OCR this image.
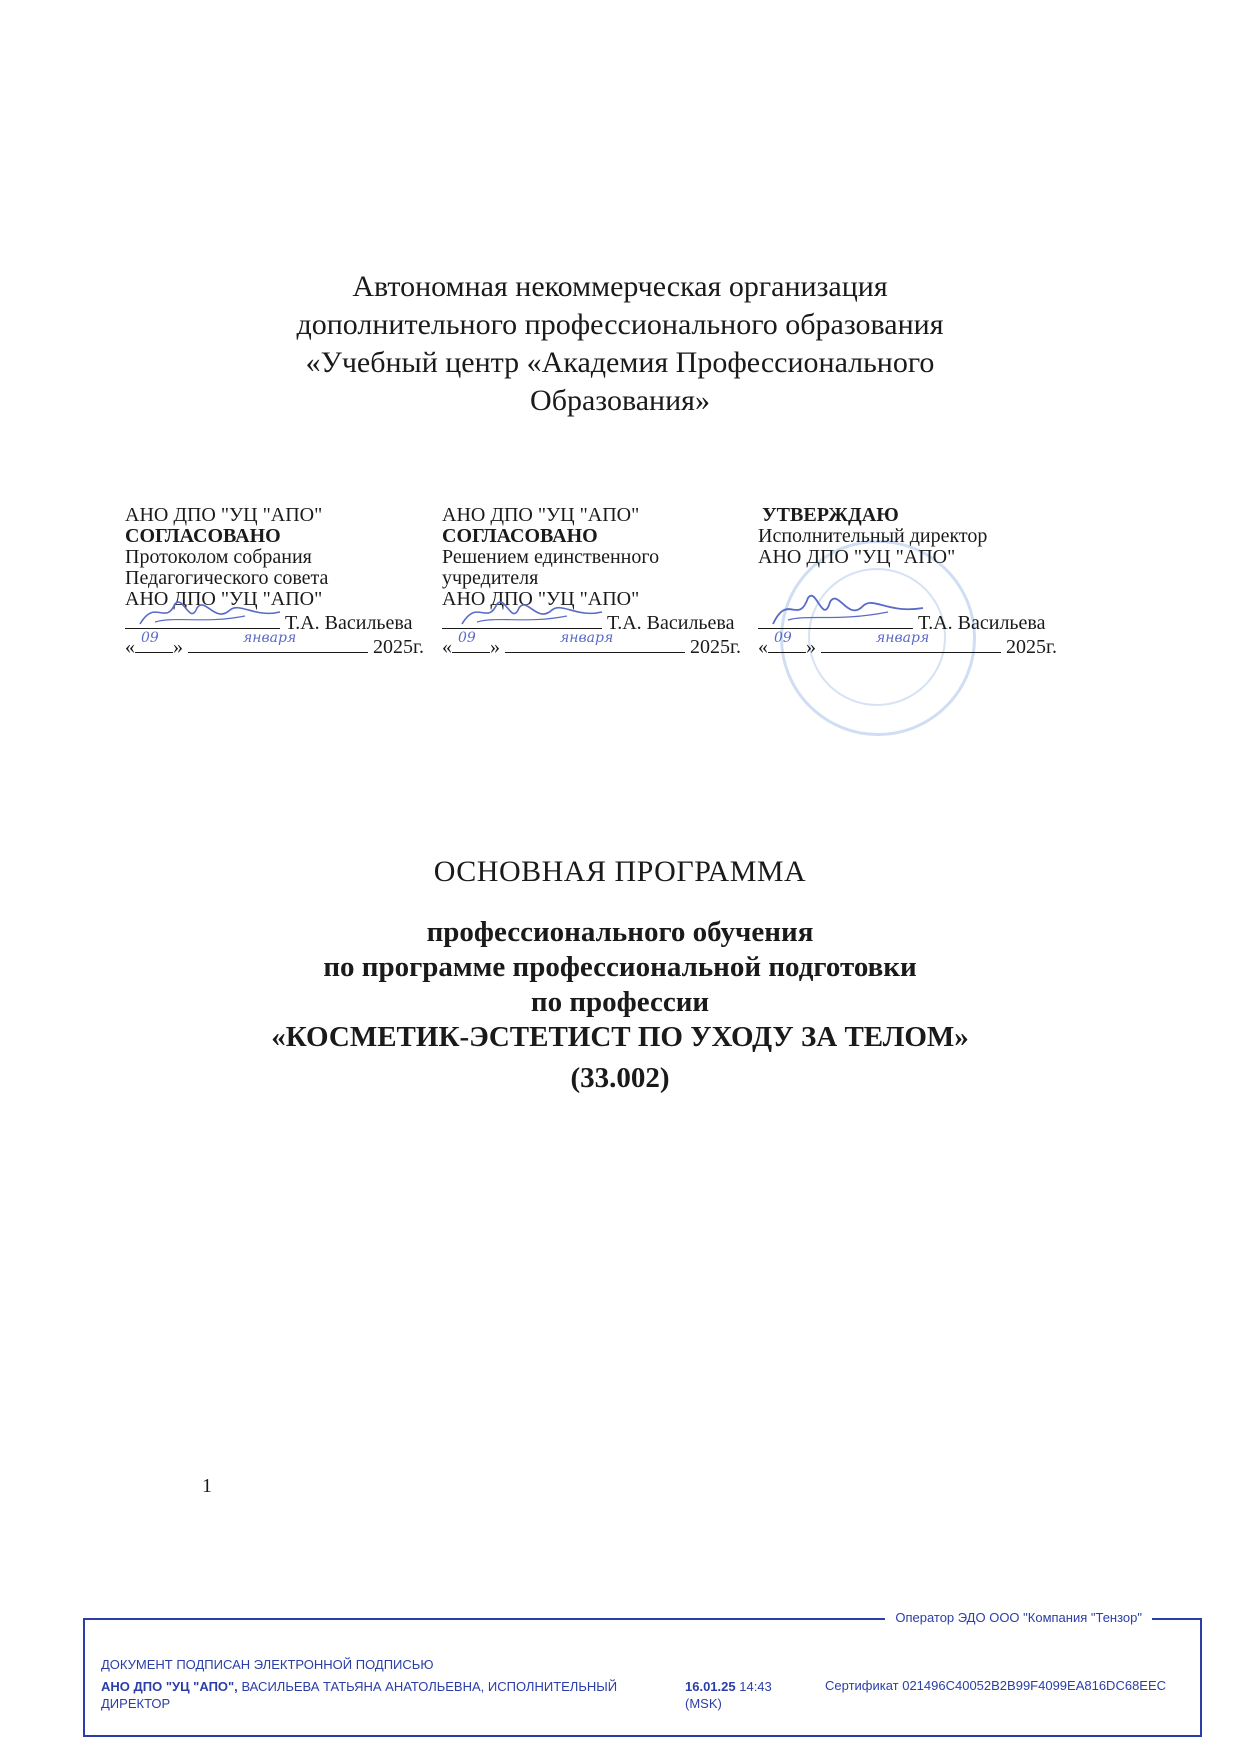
Автономная некоммерческая организация
дополнительного профессионального образования
«Учебный центр «Академия Профессионального
Образования»
АНО ДПО "УЦ "АПО"
СОГЛАСОВАНО
Протоколом собрания
Педагогического совета
АНО ДПО "УЦ "АПО"
Т.А. Васильева
« 09 »	января	2025г.
АНО ДПО "УЦ "АПО"
СОГЛАСОВАНО
Решением единственного
учредителя
АНО ДПО "УЦ "АПО"
Т.А. Васильева
« 09 »	января	2025г.
УТВЕРЖДАЮ
Исполнительный директор
АНО ДПО "УЦ "АПО"
Т.А. Васильева
« 09 »	января	2025г.
ОСНОВНАЯ ПРОГРАММА
профессионального обучения
по программе профессиональной подготовки
по профессии
«КОСМЕТИК-ЭСТЕТИСТ ПО УХОДУ ЗА ТЕЛОМ»
(33.002)
1
Оператор ЭДО ООО "Компания "Тензор"
ДОКУМЕНТ ПОДПИСАН ЭЛЕКТРОННОЙ ПОДПИСЬЮ
АНО ДПО "УЦ "АПО", ВАСИЛЬЕВА ТАТЬЯНА АНАТОЛЬЕВНА, ИСПОЛНИТЕЛЬНЫЙ ДИРЕКТОР
16.01.25 14:43
(MSK)
Сертификат 021496C40052B2B99F4099EA816DC68EEC
